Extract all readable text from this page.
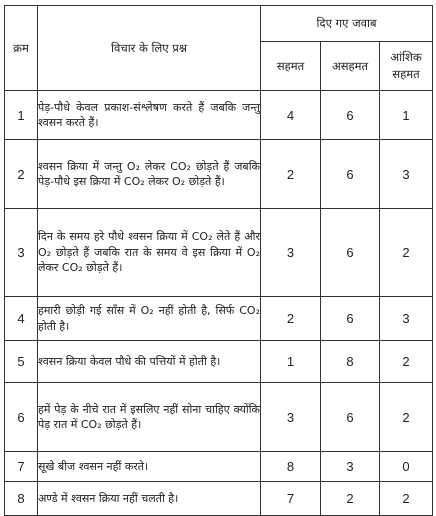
क्रम	विचार के लिए प्रश्न	दिए गए जवाब		
		सहमत	असहमत	आंशिक सहमत
1	पेड़-पौधे केवल प्रकाश-संश्लेषण करते हैं जबकि जन्तु श्वसन करते हैं।	4	6	1
2	श्वसन क्रिया में जन्तु O₂ लेकर CO₂ छोड़ते हैं जबकि पेड़-पौधे इस क्रिया में CO₂ लेकर O₂ छोड़ते हैं।	2	6	3
3	दिन के समय हरे पौधे श्वसन क्रिया में CO₂ लेते हैं और O₂ छोड़ते हैं जबकि रात के समय वे इस क्रिया में O₂ लेकर CO₂ छोड़ते हैं।	3	6	2
4	हमारी छोड़ी गई साँस में O₂ नहीं होती है, सिर्फ CO₂ होती है।	2	6	3
5	श्वसन क्रिया केवल पौधे की पत्तियों में होती है।	1	8	2
6	हमें पेड़ के नीचे रात में इसलिए नहीं सोना चाहिए क्योंकि पेड़ रात में CO₂ छोड़ते हैं।	3	6	2
7	सूखे बीज श्वसन नहीं करते।	8	3	0
8	अण्डे में श्वसन क्रिया नहीं चलती है।	7	2	2
